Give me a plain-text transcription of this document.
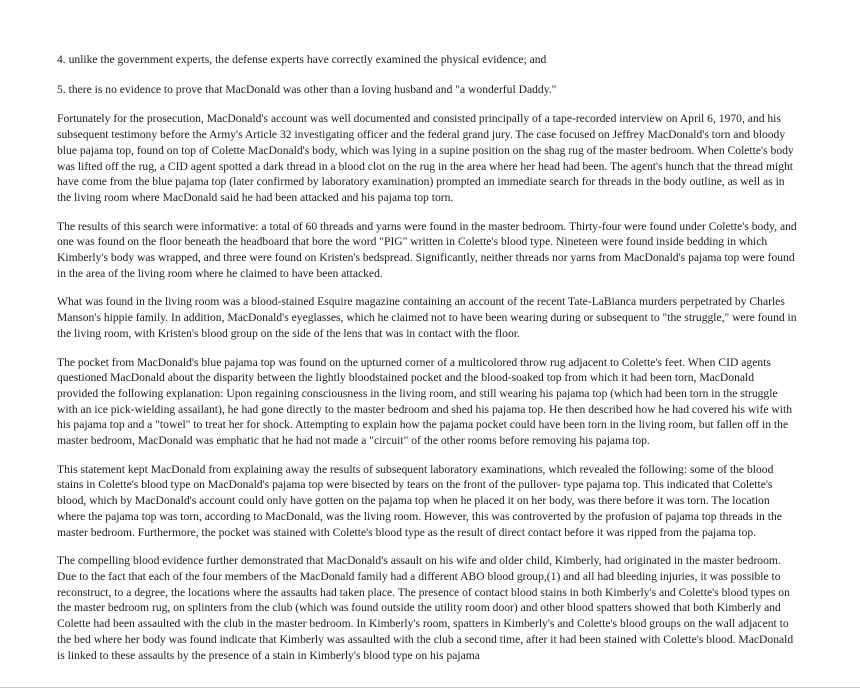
4. unlike the government experts, the defense experts have correctly examined the physical evidence; and

5. there is no evidence to prove that MacDonald was other than a loving husband and "a wonderful Daddy."

Fortunately for the prosecution, MacDonald's account was well documented and consisted principally of a tape-recorded interview on April 6, 1970, and his subsequent testimony before the Army's Article 32 investigating officer and the federal grand jury. The case focused on Jeffrey MacDonald's torn and bloody blue pajama top, found on top of Colette MacDonald's body, which was lying in a supine position on the shag rug of the master bedroom. When Colette's body was lifted off the rug, a CID agent spotted a dark thread in a blood clot on the rug in the area where her head had been. The agent's hunch that the thread might have come from the blue pajama top (later confirmed by laboratory examination) prompted an immediate search for threads in the body outline, as well as in the living room where MacDonald said he had been attacked and his pajama top torn.

The results of this search were informative: a total of 60 threads and yarns were found in the master bedroom. Thirty-four were found under Colette's body, and one was found on the floor beneath the headboard that bore the word "PIG" written in Colette's blood type. Nineteen were found inside bedding in which Kimberly's body was wrapped, and three were found on Kristen's bedspread. Significantly, neither threads nor yarns from MacDonald's pajama top were found in the area of the living room where he claimed to have been attacked.

What was found in the living room was a blood-stained Esquire magazine containing an account of the recent Tate-LaBianca murders perpetrated by Charles Manson's hippie family. In addition, MacDonald's eyeglasses, which he claimed not to have been wearing during or subsequent to "the struggle," were found in the living room, with Kristen's blood group on the side of the lens that was in contact with the floor.

The pocket from MacDonald's blue pajama top was found on the upturned corner of a multicolored throw rug adjacent to Colette's feet. When CID agents questioned MacDonald about the disparity between the lightly bloodstained pocket and the blood-soaked top from which it had been torn, MacDonald provided the following explanation: Upon regaining consciousness in the living room, and still wearing his pajama top (which had been torn in the struggle with an ice pick-wielding assailant), he had gone directly to the master bedroom and shed his pajama top. He then described how he had covered his wife with his pajama top and a "towel" to treat her for shock. Attempting to explain how the pajama pocket could have been torn in the living room, but fallen off in the master bedroom, MacDonald was emphatic that he had not made a "circuit" of the other rooms before removing his pajama top.

This statement kept MacDonald from explaining away the results of subsequent laboratory examinations, which revealed the following: some of the blood stains in Colette's blood type on MacDonald's pajama top were bisected by tears on the front of the pullover- type pajama top. This indicated that Colette's blood, which by MacDonald's account could only have gotten on the pajama top when he placed it on her body, was there before it was torn. The location where the pajama top was torn, according to MacDonald, was the living room. However, this was controverted by the profusion of pajama top threads in the master bedroom. Furthermore, the pocket was stained with Colette's blood type as the result of direct contact before it was ripped from the pajama top.

The compelling blood evidence further demonstrated that MacDonald's assault on his wife and older child, Kimberly, had originated in the master bedroom. Due to the fact that each of the four members of the MacDonald family had a different ABO blood group,(1) and all had bleeding injuries, it was possible to reconstruct, to a degree, the locations where the assaults had taken place. The presence of contact blood stains in both Kimberly's and Colette's blood types on the master bedroom rug, on splinters from the club (which was found outside the utility room door) and other blood spatters showed that both Kimberly and Colette had been assaulted with the club in the master bedroom. In Kimberly's room, spatters in Kimberly's and Colette's blood groups on the wall adjacent to the bed where her body was found indicate that Kimberly was assaulted with the club a second time, after it had been stained with Colette's blood. MacDonald is linked to these assaults by the presence of a stain in Kimberly's blood type on his pajama
